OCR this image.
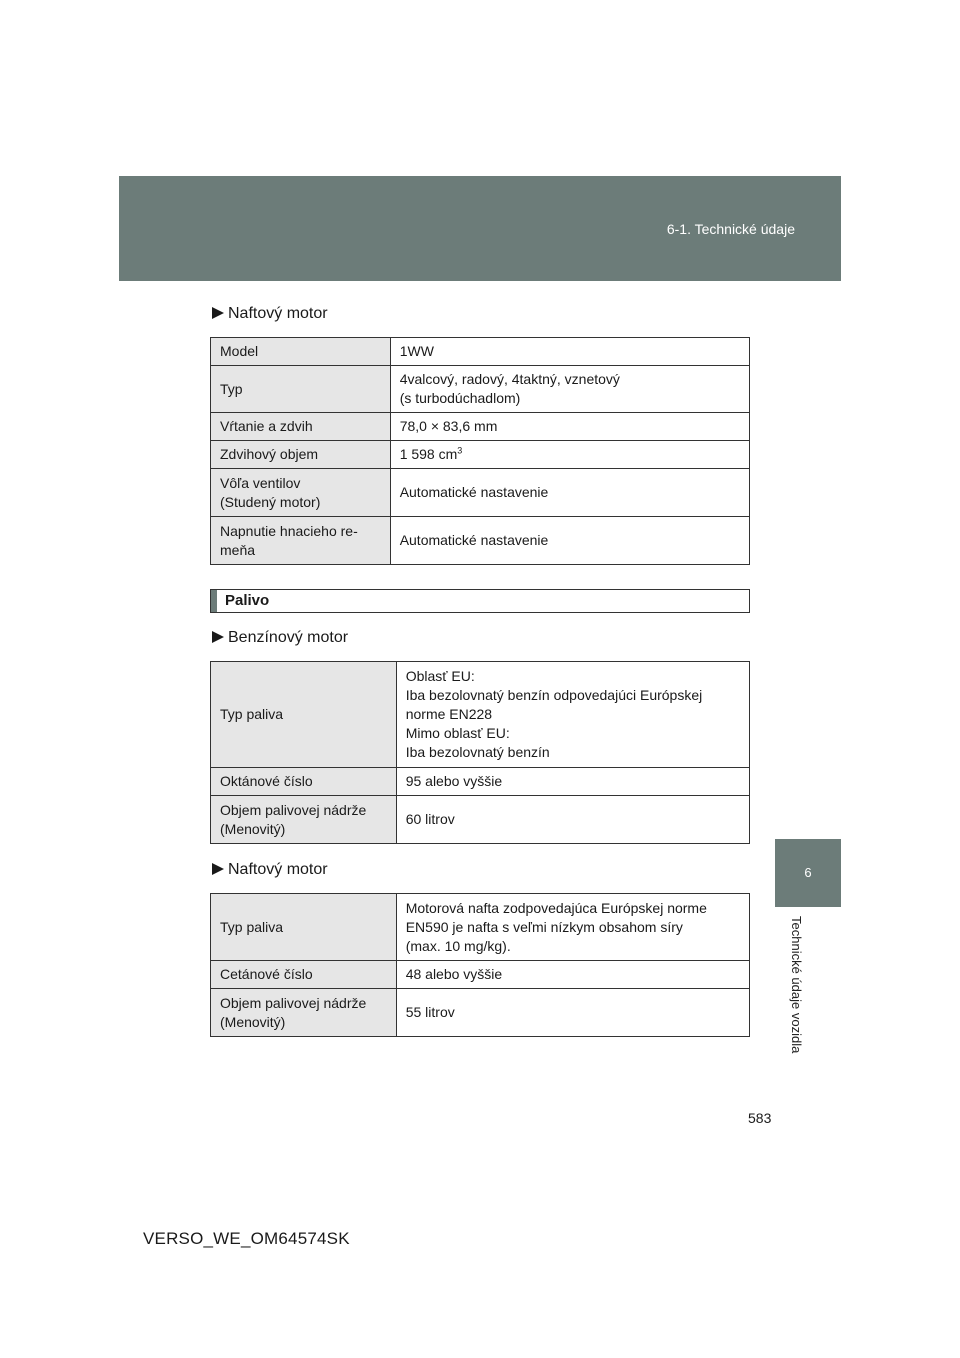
6-1. Technické údaje
6
Technické údaje vozidla
Naftový motor
Model	1WW
Typ	4valcový, radový, 4taktný, vznetový
(s turbodúchadlom)

Vŕtanie a zdvih	78,0 × 83,6 mm
Zdvihový objem	1 598 $cm^3$

Vôľa ventilov
(Studený motor)	Automatické nastavenie

Napnutie hnacieho re-
meňa	Automatické nastavenie
Palivo
Benzínový motor
Typ paliva	Oblasť EU:
Iba bezolovnatý benzín odpovedajúci Európskej
norme EN228
Mimo oblasť EU:
Iba bezolovnatý benzín

Oktánové číslo	95 alebo vyššie

Objem palivovej nádrže
(Menovitý)	60 litrov
Naftový motor
Typ paliva	Motorová nafta zodpovedajúca Európskej norme
EN590 je nafta s veľmi nízkym obsahom síry
(max. 10 mg/kg).

Cetánové číslo	48 alebo vyššie

Objem palivovej nádrže
(Menovitý)	55 litrov
583
VERSO_WE_OM64574SK
